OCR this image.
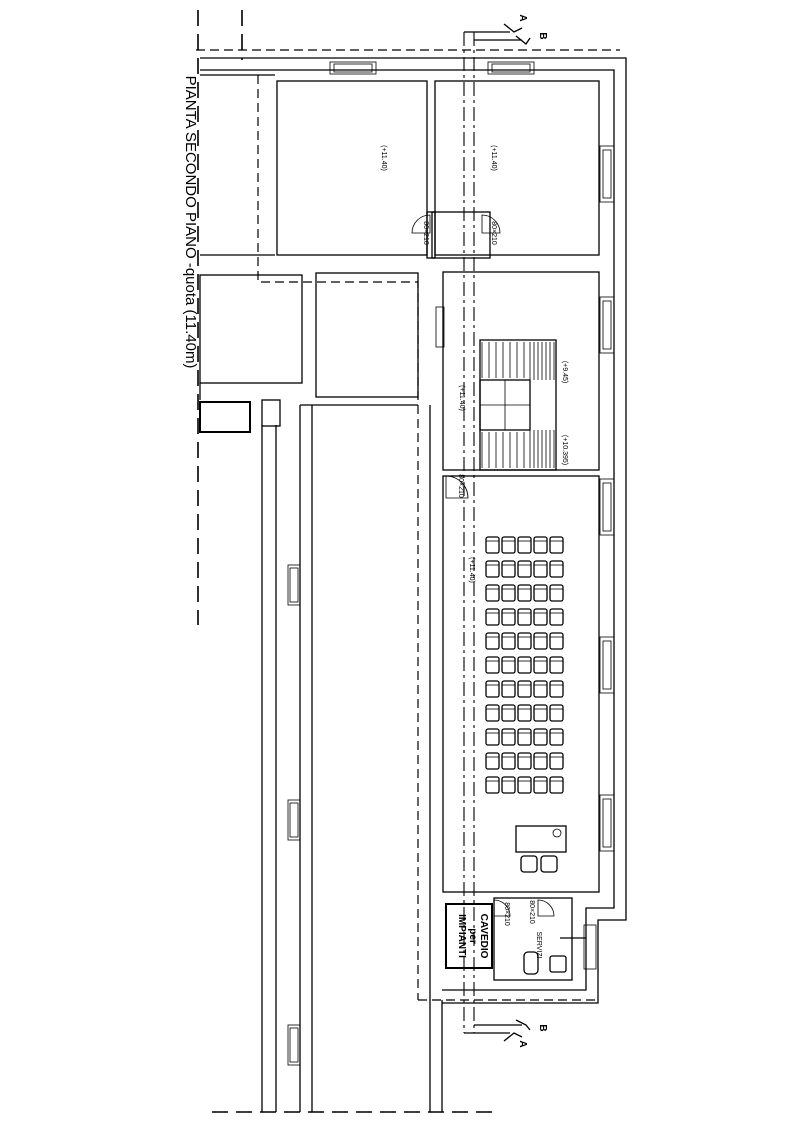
PIANTA SECONDO PIANO -quota (11.40m)	(+11.40)	(+11.40)
80×210	80×210
(+11.40)
(+9.45)
(+10.395)
80×210
(+11.40)
CAVEDIO
per
IMPIANTI
80×210	80×210
SERVIZI
A
B
B
A
